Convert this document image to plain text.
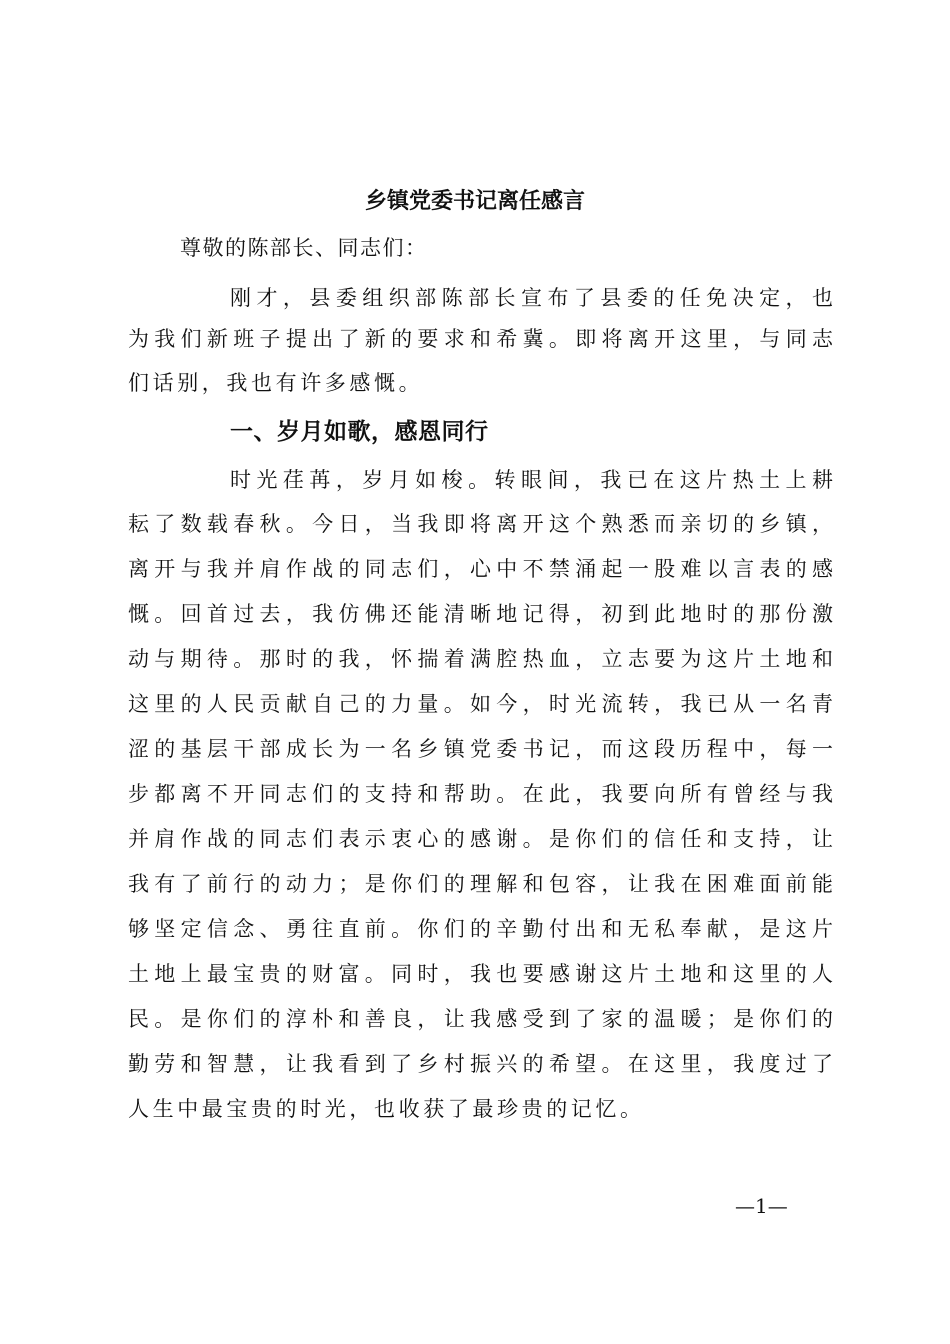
乡镇党委书记离任感言
尊敬的陈部长、同志们：
刚才，县委组织部陈部长宣布了县委的任免决定，也
为我们新班子提出了新的要求和希冀。即将离开这里，与同志
们话别，我也有许多感慨。
一、岁月如歌，感恩同行
时光荏苒，岁月如梭。转眼间，我已在这片热土上耕
耘了数载春秋。今日，当我即将离开这个熟悉而亲切的乡镇，
离开与我并肩作战的同志们，心中不禁涌起一股难以言表的感
慨。回首过去，我仿佛还能清晰地记得，初到此地时的那份激
动与期待。那时的我，怀揣着满腔热血，立志要为这片土地和
这里的人民贡献自己的力量。如今，时光流转，我已从一名青
涩的基层干部成长为一名乡镇党委书记，而这段历程中，每一
步都离不开同志们的支持和帮助。在此，我要向所有曾经与我
并肩作战的同志们表示衷心的感谢。是你们的信任和支持，让
我有了前行的动力；是你们的理解和包容，让我在困难面前能
够坚定信念、勇往直前。你们的辛勤付出和无私奉献，是这片
土地上最宝贵的财富。同时，我也要感谢这片土地和这里的人
民。是你们的淳朴和善良，让我感受到了家的温暖；是你们的
勤劳和智慧，让我看到了乡村振兴的希望。在这里，我度过了
人生中最宝贵的时光，也收获了最珍贵的记忆。
—1—
